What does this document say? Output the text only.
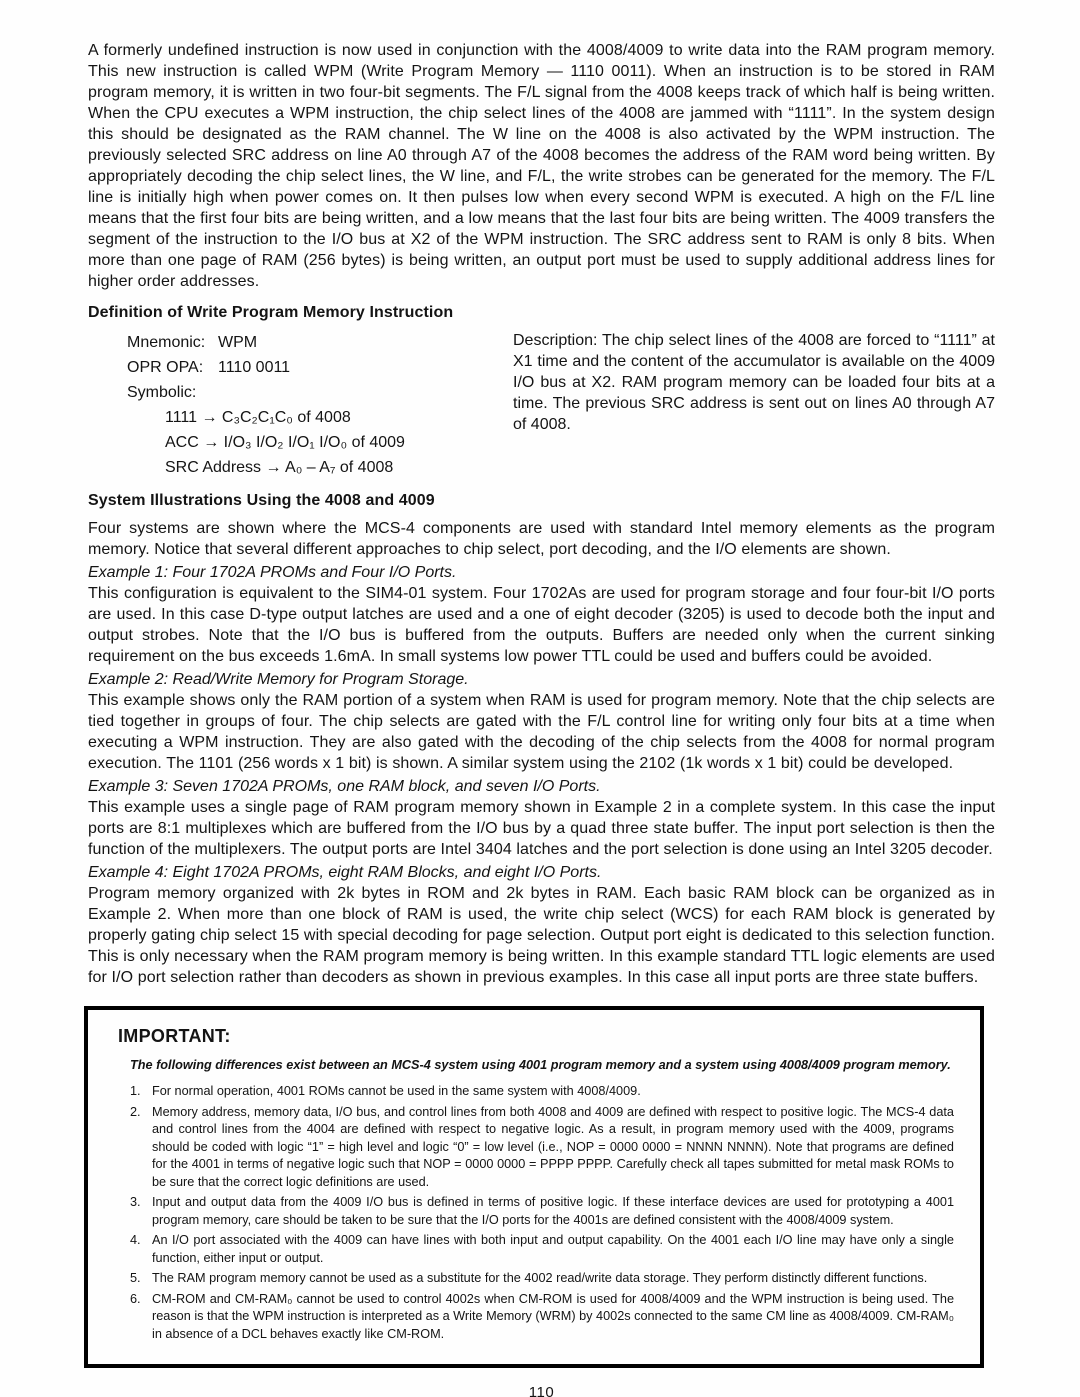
A formerly undefined instruction is now used in conjunction with the 4008/4009 to write data into the RAM program memory. This new instruction is called WPM (Write Program Memory — 1110 0011). When an instruction is to be stored in RAM program memory, it is written in two four-bit segments. The F/L signal from the 4008 keeps track of which half is being written. When the CPU executes a WPM instruction, the chip select lines of the 4008 are jammed with “1111”. In the system design this should be designated as the RAM channel. The W line on the 4008 is also activated by the WPM instruction. The previously selected SRC address on line A0 through A7 of the 4008 becomes the address of the RAM word being written. By appropriately decoding the chip select lines, the W line, and F/L, the write strobes can be generated for the memory. The F/L line is initially high when power comes on. It then pulses low when every second WPM is executed. A high on the F/L line means that the first four bits are being written, and a low means that the last four bits are being written. The 4009 transfers the segment of the instruction to the I/O bus at X2 of the WPM instruction. The SRC address sent to RAM is only 8 bits. When more than one page of RAM (256 bytes) is being written, an output port must be used to supply additional address lines for higher order addresses.

Definition of Write Program Memory Instruction
Mnemonic: WPM
OPR OPA: 1110 0011
Symbolic:
1111 → C₃C₂C₁C₀ of 4008
ACC → I/O₃ I/O₂ I/O₁ I/O₀ of 4009
SRC Address → A₀ – A₇ of 4008
Description: The chip select lines of the 4008 are forced to “1111” at X1 time and the content of the accumulator is available on the 4009 I/O bus at X2. RAM program memory can be loaded four bits at a time. The previous SRC address is sent out on lines A0 through A7 of 4008.
System Illustrations Using the 4008 and 4009

Four systems are shown where the MCS-4 components are used with standard Intel memory elements as the program memory. Notice that several different approaches to chip select, port decoding, and the I/O elements are shown.

Example 1: Four 1702A PROMs and Four I/O Ports.

This configuration is equivalent to the SIM4-01 system. Four 1702As are used for program storage and four four-bit I/O ports are used. In this case D-type output latches are used and a one of eight decoder (3205) is used to decode both the input and output strobes. Note that the I/O bus is buffered from the outputs. Buffers are needed only when the current sinking requirement on the bus exceeds 1.6mA. In small systems low power TTL could be used and buffers could be avoided.

Example 2: Read/Write Memory for Program Storage.

This example shows only the RAM portion of a system when RAM is used for program memory. Note that the chip selects are tied together in groups of four. The chip selects are gated with the F/L control line for writing only four bits at a time when executing a WPM instruction. They are also gated with the decoding of the chip selects from the 4008 for normal program execution. The 1101 (256 words x 1 bit) is shown. A similar system using the 2102 (1k words x 1 bit) could be developed.

Example 3: Seven 1702A PROMs, one RAM block, and seven I/O Ports.

This example uses a single page of RAM program memory shown in Example 2 in a complete system. In this case the input ports are 8:1 multiplexes which are buffered from the I/O bus by a quad three state buffer. The input port selection is then the function of the multiplexers. The output ports are Intel 3404 latches and the port selection is done using an Intel 3205 decoder.

Example 4: Eight 1702A PROMs, eight RAM Blocks, and eight I/O Ports.

Program memory organized with 2k bytes in ROM and 2k bytes in RAM. Each basic RAM block can be organized as in Example 2. When more than one block of RAM is used, the write chip select (WCS) for each RAM block is generated by properly gating chip select 15 with special decoding for page selection. Output port eight is dedicated to this selection function. This is only necessary when the RAM program memory is being written. In this example standard TTL logic elements are used for I/O port selection rather than decoders as shown in previous examples. In this case all input ports are three state buffers.

IMPORTANT:
The following differences exist between an MCS-4 system using 4001 program memory and a system using 4008/4009 program memory.
1. For normal operation, 4001 ROMs cannot be used in the same system with 4008/4009.
2. Memory address, memory data, I/O bus, and control lines from both 4008 and 4009 are defined with respect to positive logic. The MCS-4 data and control lines from the 4004 are defined with respect to negative logic. As a result, in program memory used with the 4009, programs should be coded with logic “1” = high level and logic “0” = low level (i.e., NOP = 0000 0000 = NNNN NNNN). Note that programs are defined for the 4001 in terms of negative logic such that NOP = 0000 0000 = PPPP PPPP. Carefully check all tapes submitted for metal mask ROMs to be sure that the correct logic definitions are used.
3. Input and output data from the 4009 I/O bus is defined in terms of positive logic. If these interface devices are used for prototyping a 4001 program memory, care should be taken to be sure that the I/O ports for the 4001s are defined consistent with the 4008/4009 system.
4. An I/O port associated with the 4009 can have lines with both input and output capability. On the 4001 each I/O line may have only a single function, either input or output.
5. The RAM program memory cannot be used as a substitute for the 4002 read/write data storage. They perform distinctly different functions.
6. CM-ROM and CM-RAM₀ cannot be used to control 4002s when CM-ROM is used for 4008/4009 and the WPM instruction is being used. The reason is that the WPM instruction is interpreted as a Write Memory (WRM) by 4002s connected to the same CM line as 4008/4009. CM-RAM₀ in absence of a DCL behaves exactly like CM-ROM.
110
